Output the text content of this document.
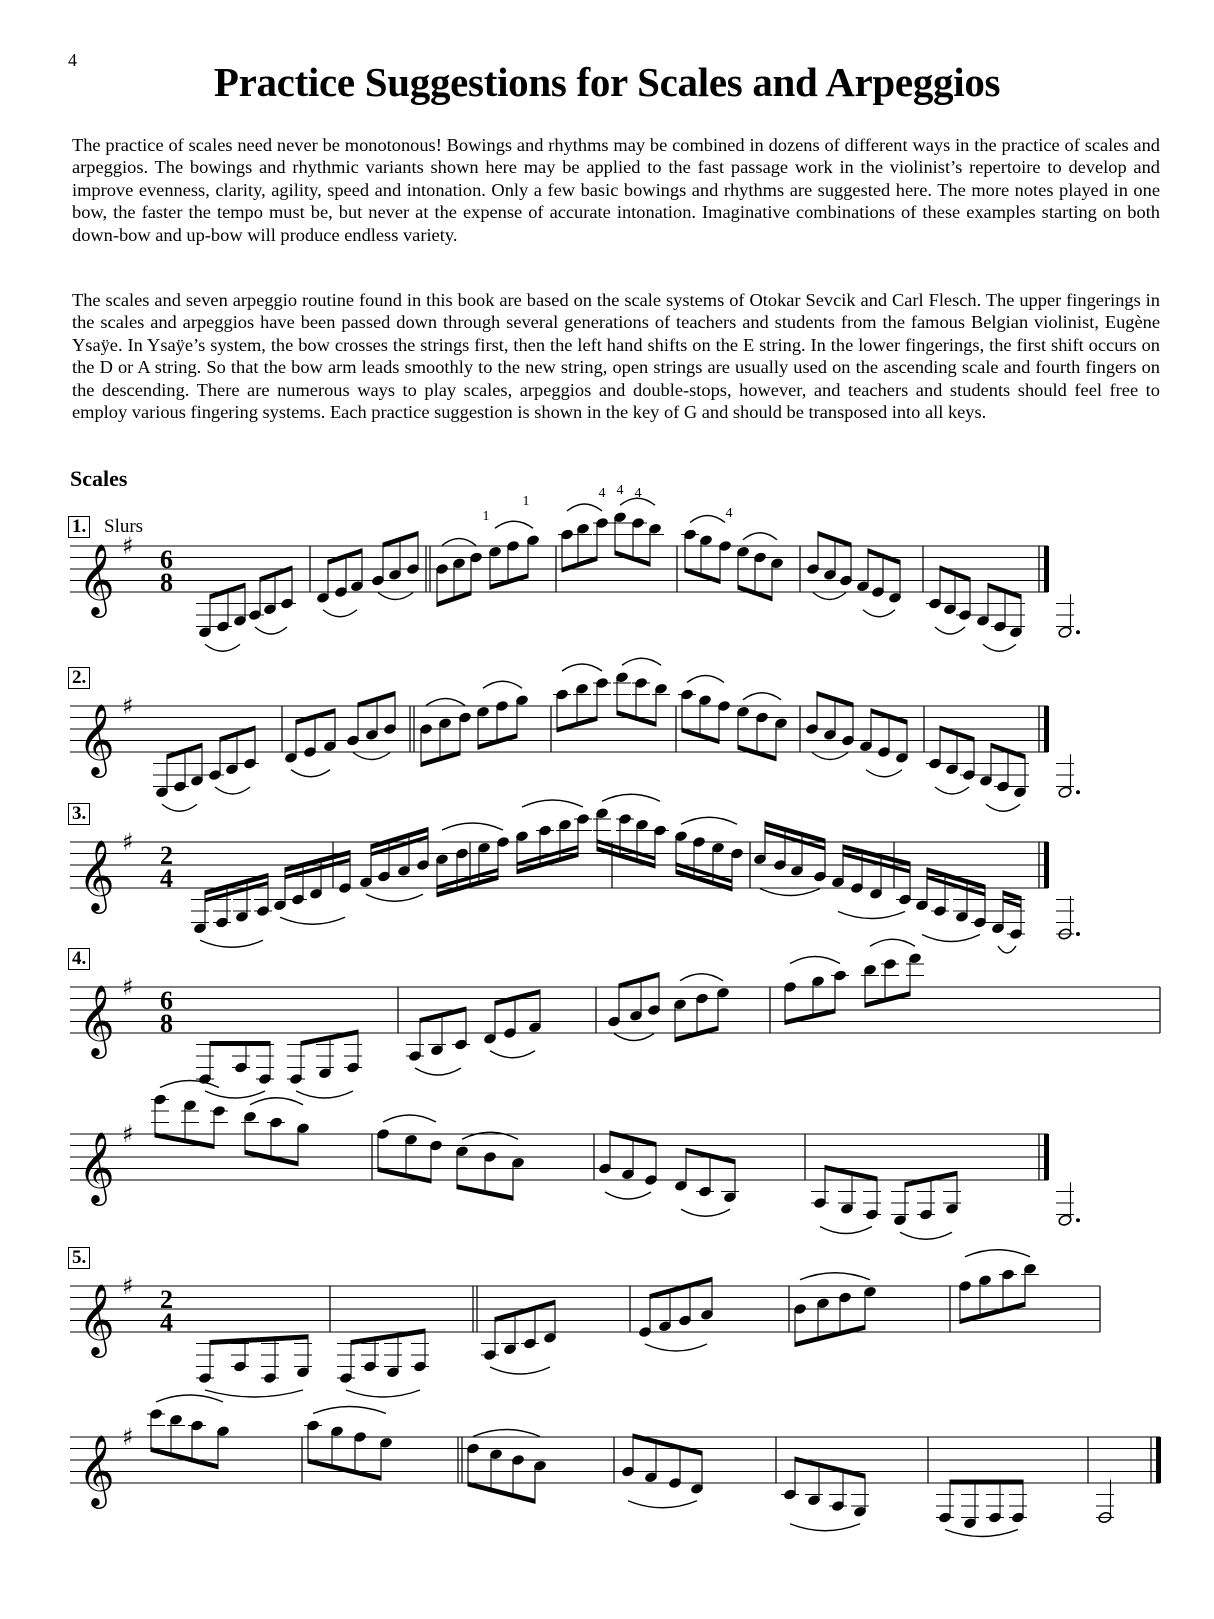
4	Practice Suggestions for Scales and Arpeggios

The practice of scales need never be monotonous! Bowings and rhythms may be combined in dozens of different ways in the practice of scales and arpeggios. The bowings and rhythmic variants shown here may be applied to the fast passage work in the violinist’s repertoire to develop and improve evenness, clarity, agility, speed and intonation. Only a few basic bowings and rhythms are suggested here. The more notes played in one bow, the faster the tempo must be, but never at the expense of accurate intonation. Imaginative combinations of these examples starting on both down-bow and up-bow will produce endless variety.

The scales and seven arpeggio routine found in this book are based on the scale systems of Otokar Sevcik and Carl Flesch. The upper fingerings in the scales and arpeggios have been passed down through several generations of teachers and students from the famous Belgian violinist, Eugène Ysaÿe. In Ysaÿe’s system, the bow crosses the strings first, then the left hand shifts on the E string. In the lower fingerings, the first shift occurs on the D or A string. So that the bow arm leads smoothly to the new string, open strings are usually used on the ascending scale and fourth fingers on the descending. There are numerous ways to play scales, arpeggios and double-stops, however, and teachers and students should feel free to employ various fingering systems. Each practice suggestion is shown in the key of G and should be transposed into all keys.

Scales
1. Slurs
2.
3.
4.
5.
𝄞 ♯ 6
8
𝄞 ♯
𝄞 ♯ 2
4
𝄞 ♯ 6
8
𝄞 ♯
𝄞 ♯ 2
4
𝄞 ♯
1
1
4 4 4
4
